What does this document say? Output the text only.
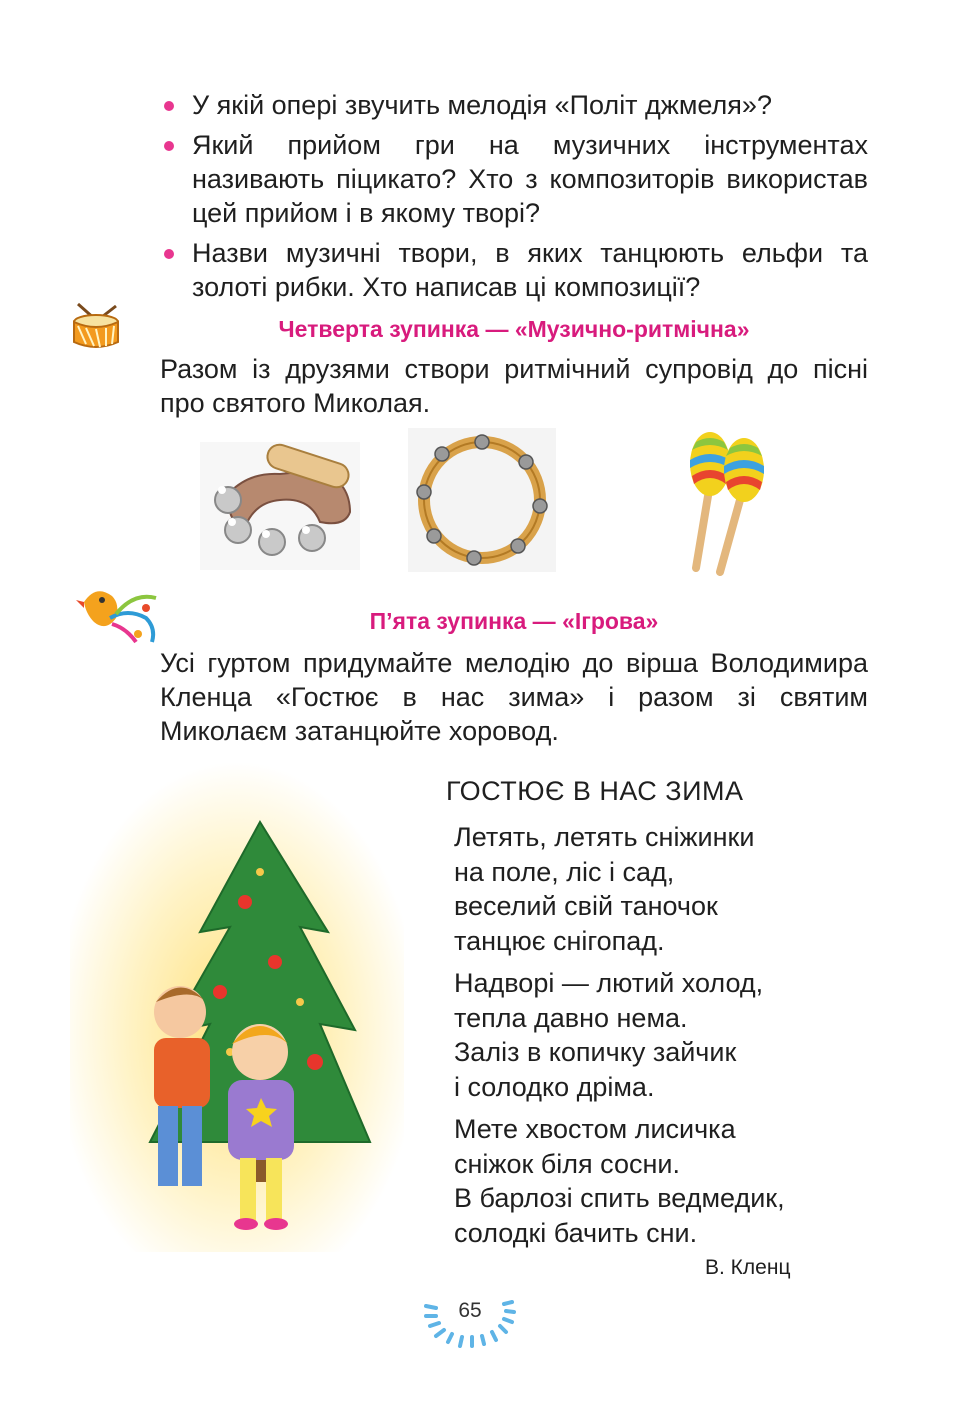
У якій опері звучить мелодія «Політ джмеля»?
Який прийом гри на музичних інструментах називають піцикато? Хто з композиторів використав цей прийом і в якому творі?
Назви музичні твори, в яких танцюють ельфи та золоті рибки. Хто написав ці композиції?
Четверта зупинка — «Музично-ритмічна»
Разом із друзями створи ритмічний супровід до пісні про святого Миколая.
П’ята зупинка — «Ігрова»
Усі гуртом придумайте мелодію до вірша Володимира Кленца «Гостює в нас зима» і разом зі святим Миколаєм затанцюйте хоровод.
ГОСТЮЄ В НАС ЗИМА

Летять, летять сніжинки

на поле, ліс і сад,

веселий свій таночок

танцює снігопад.

Надворі — лютий холод,

тепла давно нема.

Заліз в копичку зайчик

і солодко дріма.

Мете хвостом лисичка

сніжок біля сосни.

В барлозі спить ведмедик,

солодкі бачить сни.

В. Кленц
65
